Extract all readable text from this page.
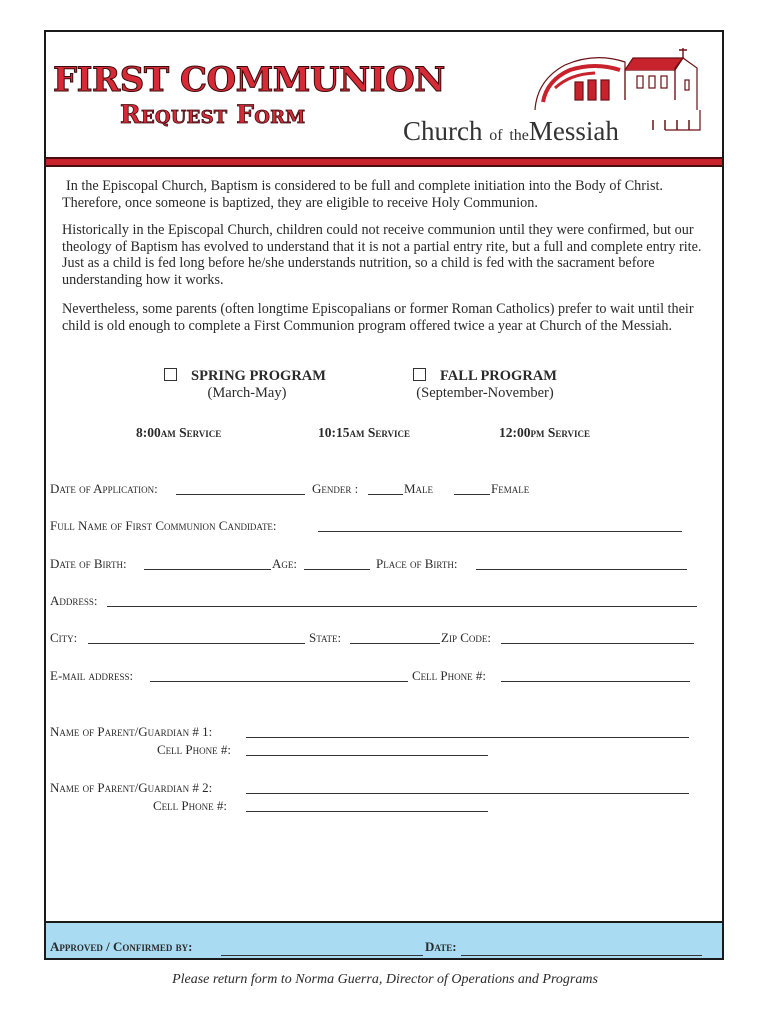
FIRST COMMUNION
Request Form
Church of theMessiah
In the Episcopal Church, Baptism is considered to be full and complete initiation into the Body of Christ. Therefore, once someone is baptized, they are eligible to receive Holy Communion.
Historically in the Episcopal Church, children could not receive communion until they were confirmed, but our theology of Baptism has evolved to understand that it is not a partial entry rite, but a full and complete entry rite. Just as a child is fed long before he/she understands nutrition, so a child is fed with the sacrament before understanding how it works.
Nevertheless, some parents (often longtime Episcopalians or former Roman Catholics) prefer to wait until their child is old enough to complete a First Communion program offered twice a year at Church of the Messiah.
SPRING PROGRAM
(March-May)
FALL PROGRAM
(September-November)
8:00am Service	10:15am Service	12:00pm Service
Date of Application:	Gender :	Male	Female
Full Name of First Communion Candidate:
Date of Birth:	Age:	Place of Birth:
Address:
City:	State:	Zip Code:
E-mail address:	Cell Phone #:
Name of Parent/Guardian # 1:
Cell Phone #:
Name of Parent/Guardian # 2:
Cell Phone #:
Approved / Confirmed by:	Date:
Please return form to Norma Guerra, Director of Operations and Programs
